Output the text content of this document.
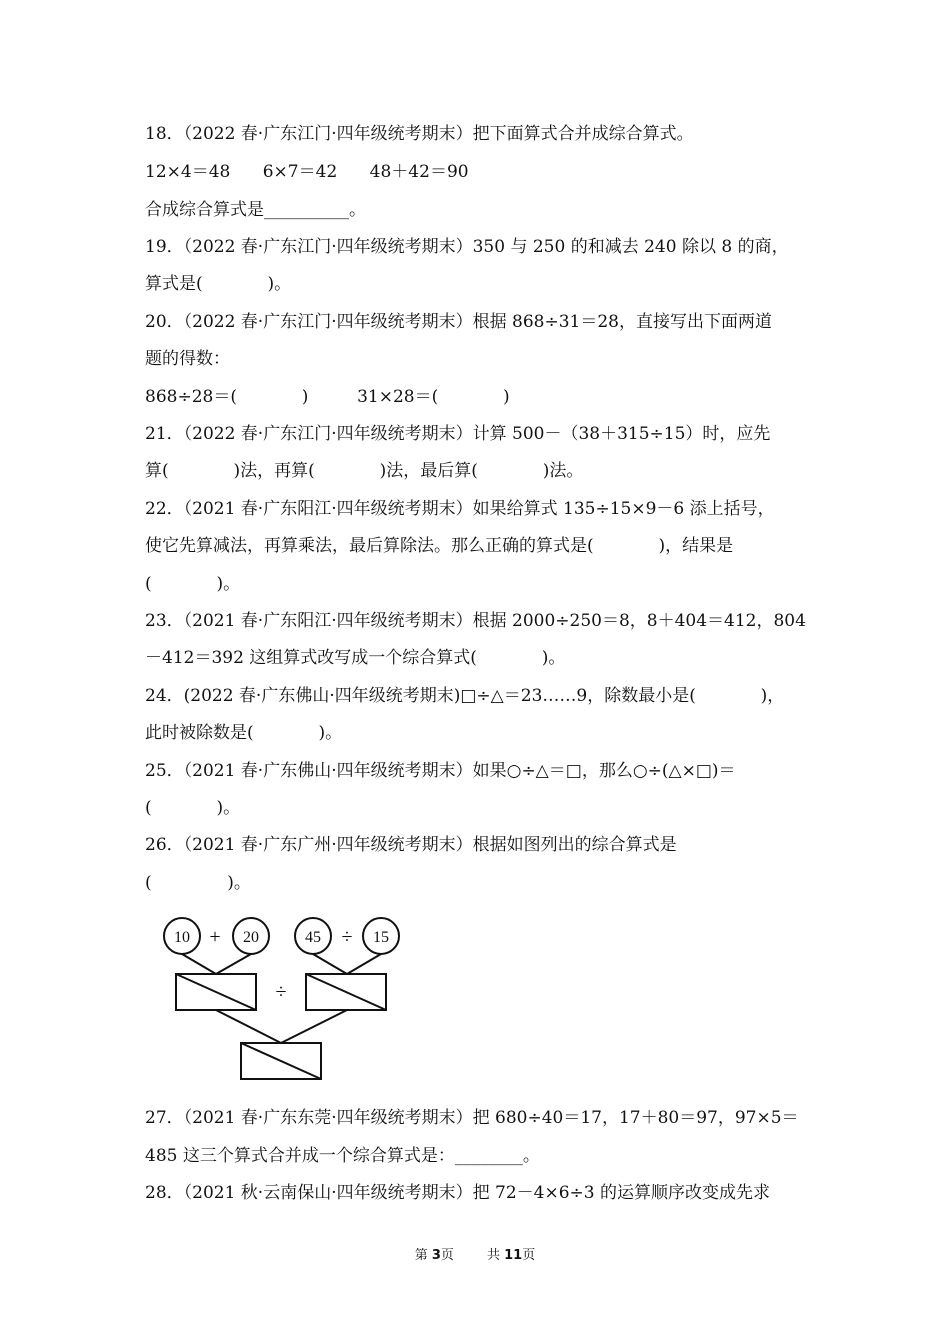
18．（2022 春·广东江门·四年级统考期末）把下面算式合并成综合算式。
12×4＝48      6×7＝42      48＋42＝90
合成综合算式是__________。
19．（2022 春·广东江门·四年级统考期末）350 与 250 的和减去 240 除以 8 的商，
算式是(            )。
20．（2022 春·广东江门·四年级统考期末）根据 868÷31＝28，直接写出下面两道
题的得数：
868÷28＝(            )         31×28＝(            )
21．（2022 春·广东江门·四年级统考期末）计算 500－（38＋315÷15）时，应先
算(            )法，再算(            )法，最后算(            )法。
22．（2021 春·广东阳江·四年级统考期末）如果给算式 135÷15×9－6 添上括号，
使它先算减法，再算乘法，最后算除法。那么正确的算式是(            )，结果是
(            )。
23．（2021 春·广东阳江·四年级统考期末）根据 2000÷250＝8，8＋404＝412，804
－412＝392 这组算式改写成一个综合算式(            )。
24．(2022 春·广东佛山·四年级统考期末)□÷△＝23……9，除数最小是(            )，
此时被除数是(            )。
25．（2021 春·广东佛山·四年级统考期末）如果○÷△＝□，那么○÷(△×□)＝
(            )。
26．（2021 春·广东广州·四年级统考期末）根据如图列出的综合算式是
(              )。
10 + 20	45 ÷ 15
÷
27．（2021 春·广东东莞·四年级统考期末）把 680÷40＝17，17＋80＝97，97×5＝
485 这三个算式合并成一个综合算式是：________。
28．（2021 秋·云南保山·四年级统考期末）把 72－4×6÷3 的运算顺序改变成先求
第 3页	共 11页
